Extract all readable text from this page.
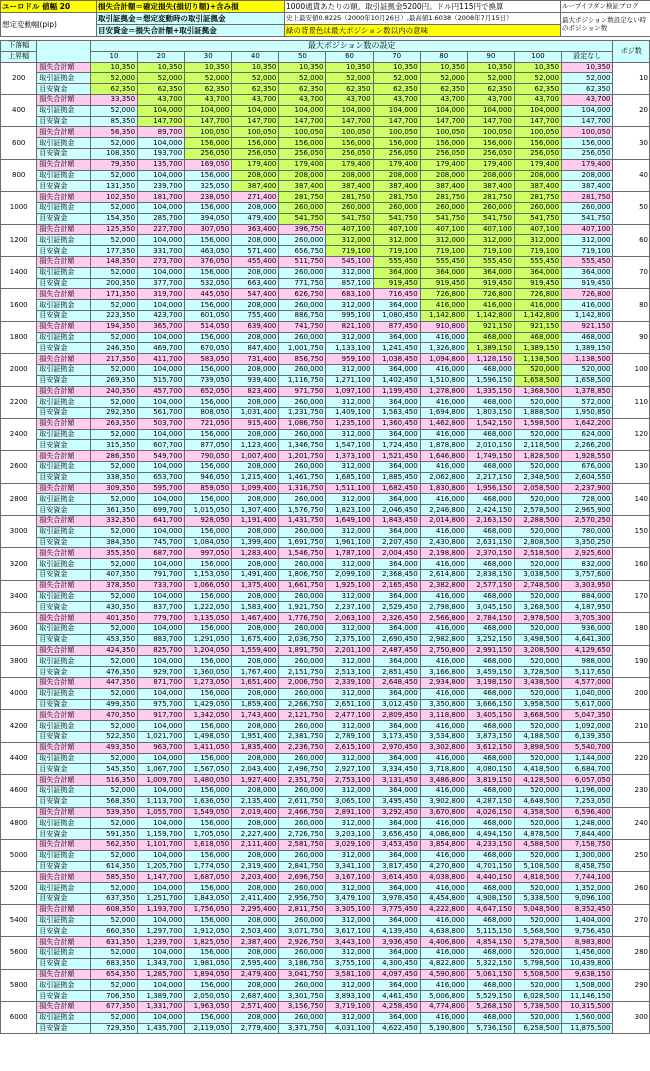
ユーロドル 値幅 20	損失合計額＝確定損失(損切り額)+含み損	1000通貨あたりの額。取引証拠金5200円。ドル円115円で換算	ループイフダン検証ブログ
想定変動幅(pip)	取引証拠金＝想定変動時の取引証拠金	史上最安値0.8225（2000年10月26日）,最高値1.6038（2008年7月15日）	最大ポジション数設定ない時のポジション数
	目安資金＝損失合計額+取引証拠金	緑の背景色は最大ポジション数以内の意味	
下落幅		最大ポジション数の設定											ポジ数
上昇幅		10	20	30	40	50	60	70	80	90	100	設定なし	
200	損失合計額	10,350	10,350	10,350	10,350	10,350	10,350	10,350	10,350	10,350	10,350	10,350	10
	取引証拠金	52,000	52,000	52,000	52,000	52,000	52,000	52,000	52,000	52,000	52,000	52,000	
	目安資金	62,350	62,350	62,350	62,350	62,350	62,350	62,350	62,350	62,350	62,350	62,350	
400	損失合計額	33,350	43,700	43,700	43,700	43,700	43,700	43,700	43,700	43,700	43,700	43,700	20
	取引証拠金	52,000	104,000	104,000	104,000	104,000	104,000	104,000	104,000	104,000	104,000	104,000	
	目安資金	85,350	147,700	147,700	147,700	147,700	147,700	147,700	147,700	147,700	147,700	147,700	
600	損失合計額	56,350	89,700	100,050	100,050	100,050	100,050	100,050	100,050	100,050	100,050	100,050	30
	取引証拠金	52,000	104,000	156,000	156,000	156,000	156,000	156,000	156,000	156,000	156,000	156,000	
	目安資金	108,350	193,700	256,050	256,050	256,050	256,050	256,050	256,050	256,050	256,050	256,050	
800	損失合計額	79,350	135,700	169,050	179,400	179,400	179,400	179,400	179,400	179,400	179,400	179,400	40
	取引証拠金	52,000	104,000	156,000	208,000	208,000	208,000	208,000	208,000	208,000	208,000	208,000	
	目安資金	131,350	239,700	325,050	387,400	387,400	387,400	387,400	387,400	387,400	387,400	387,400	
1000	損失合計額	102,350	181,700	238,050	271,400	281,750	281,750	281,750	281,750	281,750	281,750	281,750	50
	取引証拠金	52,000	104,000	156,000	208,000	260,000	260,000	260,000	260,000	260,000	260,000	260,000	
	目安資金	154,350	285,700	394,050	479,400	541,750	541,750	541,750	541,750	541,750	541,750	541,750	
1200	損失合計額	125,350	227,700	307,050	363,400	396,750	407,100	407,100	407,100	407,100	407,100	407,100	60
	取引証拠金	52,000	104,000	156,000	208,000	260,000	312,000	312,000	312,000	312,000	312,000	312,000	
	目安資金	177,350	331,700	463,050	571,400	656,750	719,100	719,100	719,100	719,100	719,100	719,100	
1400	損失合計額	148,350	273,700	376,050	455,400	511,750	545,100	555,450	555,450	555,450	555,450	555,450	70
	取引証拠金	52,000	104,000	156,000	208,000	260,000	312,000	364,000	364,000	364,000	364,000	364,000	
	目安資金	200,350	377,700	532,050	663,400	771,750	857,100	919,450	919,450	919,450	919,450	919,450	
1600	損失合計額	171,350	319,700	445,050	547,400	626,750	683,100	716,450	726,800	726,800	726,800	726,800	80
	取引証拠金	52,000	104,000	156,000	208,000	260,000	312,000	364,000	416,000	416,000	416,000	416,000	
	目安資金	223,350	423,700	601,050	755,400	886,750	995,100	1,080,450	1,142,800	1,142,800	1,142,800	1,142,800	
1800	損失合計額	194,350	365,700	514,050	639,400	741,750	821,100	877,450	910,800	921,150	921,150	921,150	90
	取引証拠金	52,000	104,000	156,000	208,000	260,000	312,000	364,000	416,000	468,000	468,000	468,000	
	目安資金	246,350	469,700	670,050	847,400	1,001,750	1,133,100	1,241,450	1,326,800	1,389,150	1,389,150	1,389,150	
2000	損失合計額	217,350	411,700	583,050	731,400	856,750	959,100	1,038,450	1,094,800	1,128,150	1,138,500	1,138,500	100
	取引証拠金	52,000	104,000	156,000	208,000	260,000	312,000	364,000	416,000	468,000	520,000	520,000	
	目安資金	269,350	515,700	739,050	939,400	1,116,750	1,271,100	1,402,450	1,510,800	1,596,150	1,658,500	1,658,500	
2200	損失合計額	240,350	457,700	652,050	823,400	971,750	1,097,100	1,199,450	1,278,800	1,335,150	1,368,500	1,378,850	110
	取引証拠金	52,000	104,000	156,000	208,000	260,000	312,000	364,000	416,000	468,000	520,000	572,000	
	目安資金	292,350	561,700	808,050	1,031,400	1,231,750	1,409,100	1,563,450	1,694,800	1,803,150	1,888,500	1,950,850	
2400	損失合計額	263,350	503,700	721,050	915,400	1,086,750	1,235,100	1,360,450	1,462,800	1,542,150	1,598,500	1,642,200	120
	取引証拠金	52,000	104,000	156,000	208,000	260,000	312,000	364,000	416,000	468,000	520,000	624,000	
	目安資金	315,350	607,700	877,050	1,123,400	1,346,750	1,547,100	1,724,450	1,878,800	2,010,150	2,118,500	2,266,200	
2600	損失合計額	286,350	549,700	790,050	1,007,400	1,201,750	1,373,100	1,521,450	1,646,800	1,749,150	1,828,500	1,928,550	130
	取引証拠金	52,000	104,000	156,000	208,000	260,000	312,000	364,000	416,000	468,000	520,000	676,000	
	目安資金	338,350	653,700	946,050	1,215,400	1,461,750	1,685,100	1,885,450	2,062,800	2,217,150	2,348,500	2,604,550	
2800	損失合計額	309,350	595,700	859,050	1,099,400	1,316,750	1,511,100	1,682,450	1,830,800	1,956,150	2,058,500	2,237,900	140
	取引証拠金	52,000	104,000	156,000	208,000	260,000	312,000	364,000	416,000	468,000	520,000	728,000	
	目安資金	361,350	699,700	1,015,050	1,307,400	1,576,750	1,823,100	2,046,450	2,246,800	2,424,150	2,578,500	2,965,900	
3000	損失合計額	332,350	641,700	928,050	1,191,400	1,431,750	1,649,100	1,843,450	2,014,800	2,163,150	2,288,500	2,570,250	150
	取引証拠金	52,000	104,000	156,000	208,000	260,000	312,000	364,000	416,000	468,000	520,000	780,000	
	目安資金	384,350	745,700	1,084,050	1,399,400	1,691,750	1,961,100	2,207,450	2,430,800	2,631,150	2,808,500	3,350,250	
3200	損失合計額	355,350	687,700	997,050	1,283,400	1,546,750	1,787,100	2,004,450	2,198,800	2,370,150	2,518,500	2,925,600	160
	取引証拠金	52,000	104,000	156,000	208,000	260,000	312,000	364,000	416,000	468,000	520,000	832,000	
	目安資金	407,350	791,700	1,153,050	1,491,400	1,806,750	2,099,100	2,368,450	2,614,800	2,838,150	3,038,500	3,757,600	
3400	損失合計額	378,350	733,700	1,066,050	1,375,400	1,661,750	1,925,100	2,165,450	2,382,800	2,577,150	2,748,500	3,303,950	170
	取引証拠金	52,000	104,000	156,000	208,000	260,000	312,000	364,000	416,000	468,000	520,000	884,000	
	目安資金	430,350	837,700	1,222,050	1,583,400	1,921,750	2,237,100	2,529,450	2,798,800	3,045,150	3,268,500	4,187,950	
3600	損失合計額	401,350	779,700	1,135,050	1,467,400	1,776,750	2,063,100	2,326,450	2,566,800	2,784,150	2,978,500	3,705,300	180
	取引証拠金	52,000	104,000	156,000	208,000	260,000	312,000	364,000	416,000	468,000	520,000	936,000	
	目安資金	453,350	883,700	1,291,050	1,675,400	2,036,750	2,375,100	2,690,450	2,982,800	3,252,150	3,498,500	4,641,300	
3800	損失合計額	424,350	825,700	1,204,050	1,559,400	1,891,750	2,201,100	2,487,450	2,750,800	2,991,150	3,208,500	4,129,650	190
	取引証拠金	52,000	104,000	156,000	208,000	260,000	312,000	364,000	416,000	468,000	520,000	988,000	
	目安資金	476,350	929,700	1,360,050	1,767,400	2,151,750	2,513,100	2,851,450	3,166,800	3,459,150	3,728,500	5,117,650	
4000	損失合計額	447,350	871,700	1,273,050	1,651,400	2,006,750	2,339,100	2,648,450	2,934,800	3,198,150	3,438,500	4,577,000	200
	取引証拠金	52,000	104,000	156,000	208,000	260,000	312,000	364,000	416,000	468,000	520,000	1,040,000	
	目安資金	499,350	975,700	1,429,050	1,859,400	2,266,750	2,651,100	3,012,450	3,350,800	3,666,150	3,958,500	5,617,000	
4200	損失合計額	470,350	917,700	1,342,050	1,743,400	2,121,750	2,477,100	2,809,450	3,118,800	3,405,150	3,668,500	5,047,350	210
	取引証拠金	52,000	104,000	156,000	208,000	260,000	312,000	364,000	416,000	468,000	520,000	1,092,000	
	目安資金	522,350	1,021,700	1,498,050	1,951,400	2,381,750	2,789,100	3,173,450	3,534,800	3,873,150	4,188,500	6,139,350	
4400	損失合計額	493,350	963,700	1,411,050	1,835,400	2,236,750	2,615,100	2,970,450	3,302,800	3,612,150	3,898,500	5,540,700	220
	取引証拠金	52,000	104,000	156,000	208,000	260,000	312,000	364,000	416,000	468,000	520,000	1,144,000	
	目安資金	545,350	1,067,700	1,567,050	2,043,400	2,496,750	2,927,100	3,334,450	3,718,800	4,080,150	4,418,500	6,684,700	
4600	損失合計額	516,350	1,009,700	1,480,050	1,927,400	2,351,750	2,753,100	3,131,450	3,486,800	3,819,150	4,128,500	6,057,050	230
	取引証拠金	52,000	104,000	156,000	208,000	260,000	312,000	364,000	416,000	468,000	520,000	1,196,000	
	目安資金	568,350	1,113,700	1,636,050	2,135,400	2,611,750	3,065,100	3,495,450	3,902,800	4,287,150	4,648,500	7,253,050	
4800	損失合計額	539,350	1,055,700	1,549,050	2,019,400	2,466,750	2,891,100	3,292,450	3,670,800	4,026,150	4,358,500	6,596,400	240
	取引証拠金	52,000	104,000	156,000	208,000	260,000	312,000	364,000	416,000	468,000	520,000	1,248,000	
	目安資金	591,350	1,159,700	1,705,050	2,227,400	2,726,750	3,203,100	3,656,450	4,086,800	4,494,150	4,878,500	7,844,400	
5000	損失合計額	562,350	1,101,700	1,618,050	2,111,400	2,581,750	3,029,100	3,453,450	3,854,800	4,233,150	4,588,500	7,158,750	250
	取引証拠金	52,000	104,000	156,000	208,000	260,000	312,000	364,000	416,000	468,000	520,000	1,300,000	
	目安資金	614,350	1,205,700	1,774,050	2,319,400	2,841,750	3,341,100	3,817,450	4,270,800	4,701,150	5,108,500	8,458,750	
5200	損失合計額	585,350	1,147,700	1,687,050	2,203,400	2,696,750	3,167,100	3,614,450	4,038,800	4,440,150	4,818,500	7,744,100	260
	取引証拠金	52,000	104,000	156,000	208,000	260,000	312,000	364,000	416,000	468,000	520,000	1,352,000	
	目安資金	637,350	1,251,700	1,843,050	2,411,400	2,956,750	3,479,100	3,978,450	4,454,800	4,908,150	5,338,500	9,096,100	
5400	損失合計額	608,350	1,193,700	1,756,050	2,295,400	2,811,750	3,305,100	3,775,450	4,222,800	4,647,150	5,048,500	8,352,450	270
	取引証拠金	52,000	104,000	156,000	208,000	260,000	312,000	364,000	416,000	468,000	520,000	1,404,000	
	目安資金	660,350	1,297,700	1,912,050	2,503,400	3,071,750	3,617,100	4,139,450	4,638,800	5,115,150	5,568,500	9,756,450	
5600	損失合計額	631,350	1,239,700	1,825,050	2,387,400	2,926,750	3,443,100	3,936,450	4,406,800	4,854,150	5,278,500	8,983,800	280
	取引証拠金	52,000	104,000	156,000	208,000	260,000	312,000	364,000	416,000	468,000	520,000	1,456,000	
	目安資金	683,350	1,343,700	1,981,050	2,595,400	3,186,750	3,755,100	4,300,450	4,822,800	5,322,150	5,798,500	10,439,800	
5800	損失合計額	654,350	1,285,700	1,894,050	2,479,400	3,041,750	3,581,100	4,097,450	4,590,800	5,061,150	5,508,500	9,638,150	290
	取引証拠金	52,000	104,000	156,000	208,000	260,000	312,000	364,000	416,000	468,000	520,000	1,508,000	
	目安資金	706,350	1,389,700	2,050,050	2,687,400	3,301,750	3,893,100	4,461,450	5,006,800	5,529,150	6,028,500	11,146,150	
6000	損失合計額	677,350	1,331,700	1,963,050	2,571,400	3,156,750	3,719,100	4,258,450	4,774,800	5,268,150	5,738,500	10,315,500	300
	取引証拠金	52,000	104,000	156,000	208,000	260,000	312,000	364,000	416,000	468,000	520,000	1,560,000	
	目安資金	729,350	1,435,700	2,119,050	2,779,400	3,371,750	4,031,100	4,622,450	5,190,800	5,736,150	6,258,500	11,875,500	
